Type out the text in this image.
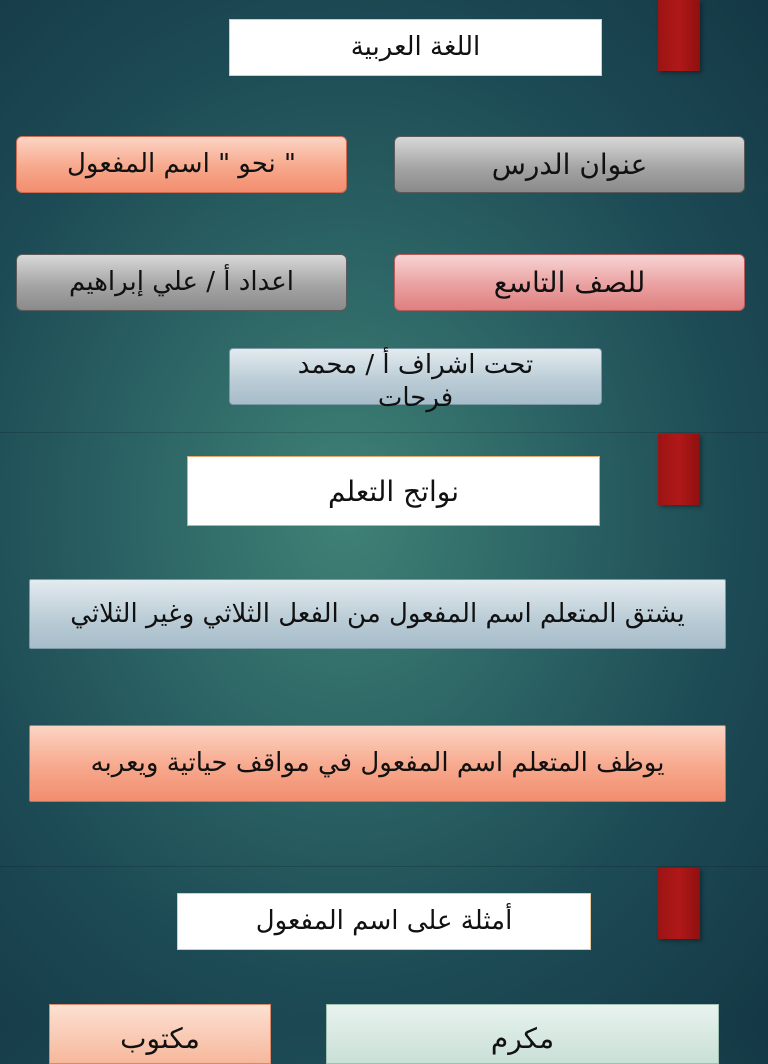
اللغة العربية
عنوان الدرس
" نحو " اسم المفعول
للصف التاسع
اعداد أ / علي إبراهيم
تحت اشراف أ / محمد فرحات
نواتج التعلم
يشتق المتعلم اسم المفعول من الفعل الثلاثي وغير الثلاثي
يوظف المتعلم اسم المفعول في مواقف حياتية ويعربه
أمثلة على اسم المفعول
مكرم
مكتوب
